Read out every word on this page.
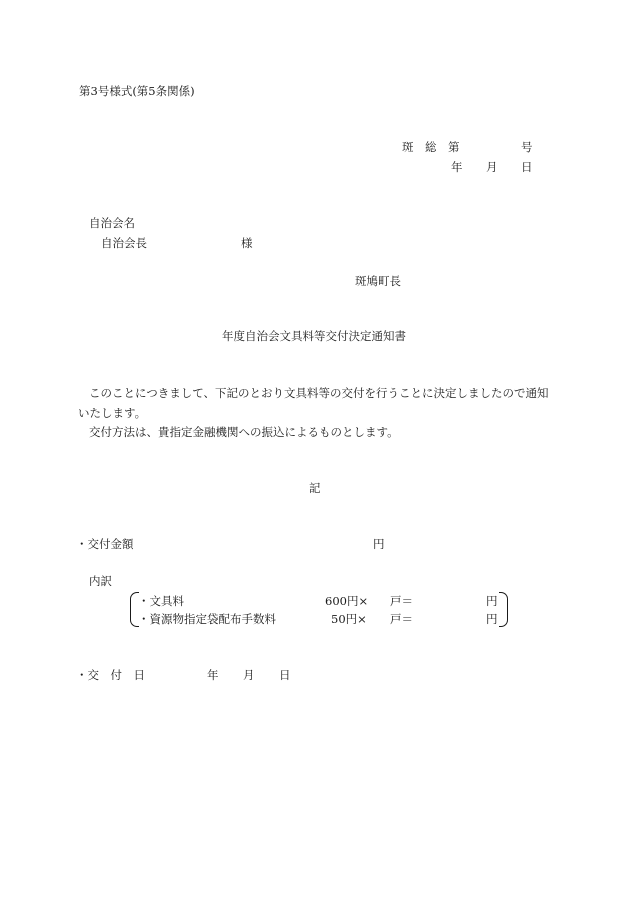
第3号様式(第5条関係)
斑　総　第	号
年 月 日
自治会名
自治会長	様
斑鳩町長
年度自治会文具料等交付決定通知書
このことにつきまして、下記のとおり文具料等の交付を行うことに決定しましたので通知
いたします。
交付方法は、貴指定金融機関への振込によるものとします。
記
・交付金額	円
内訳
・文具料	600円× 戸＝	円
・資源物指定袋配布手数料	50円× 戸＝	円
・交　付　日	年 月 日
